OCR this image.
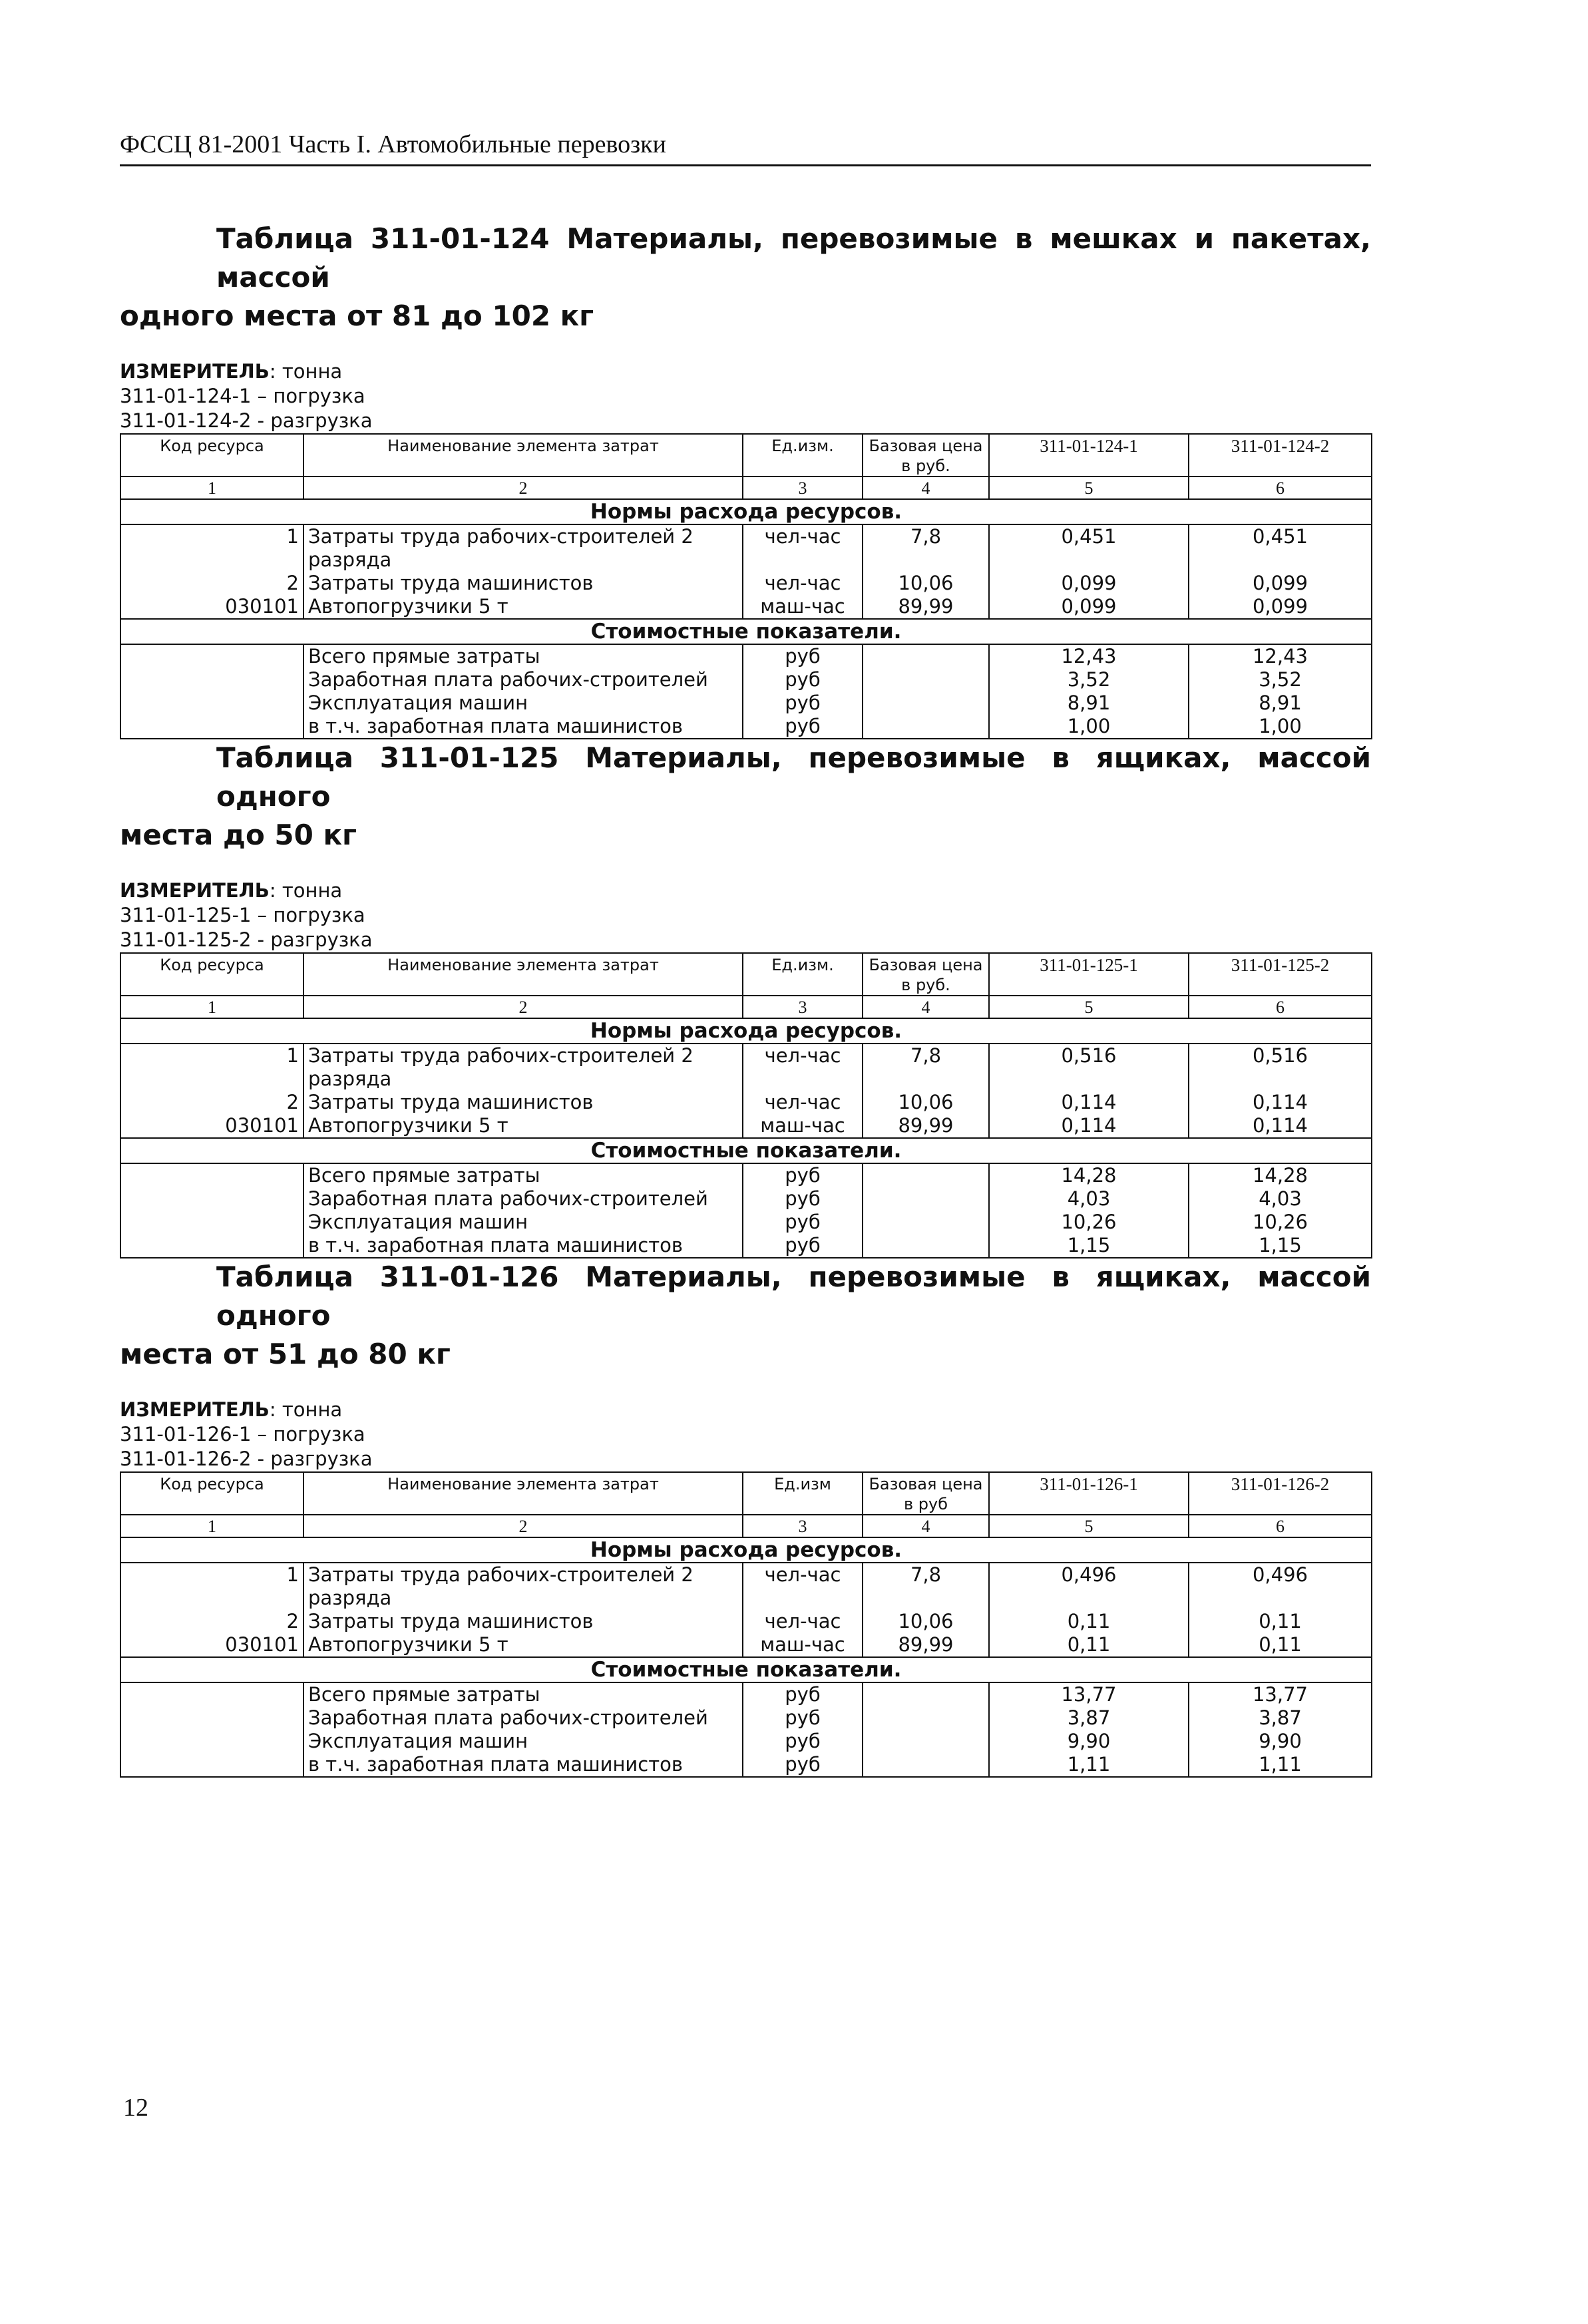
ФССЦ 81-2001 Часть I. Автомобильные перевозки
Таблица 311-01-124 Материалы, перевозимые в мешках и пакетах, массой
одного места от 81 до 102 кг
ИЗМЕРИТЕЛЬ: тонна
311-01-124-1 – погрузка
311-01-124-2 - разгрузка
Код ресурса	Наименование элемента затрат	Ед.изм.	Базовая цена в руб.	311-01-124-1	311-01-124-2
1	2	3	4	5	6
Нормы расхода ресурсов.					
1	Затраты труда рабочих-строителей 2 разряда	чел-час	7,8	0,451	0,451
2	Затраты труда машинистов	чел-час	10,06	0,099	0,099
030101	Автопогрузчики 5 т	маш-час	89,99	0,099	0,099
Стоимостные показатели.					
	Всего прямые затраты	руб		12,43	12,43
	Заработная плата рабочих-строителей	руб		3,52	3,52
	Эксплуатация машин	руб		8,91	8,91
	в т.ч. заработная плата машинистов	руб		1,00	1,00
Таблица 311-01-125 Материалы, перевозимые в ящиках, массой одного
места до 50 кг
ИЗМЕРИТЕЛЬ: тонна
311-01-125-1 – погрузка
311-01-125-2 - разгрузка
Код ресурса	Наименование элемента затрат	Ед.изм.	Базовая цена в руб.	311-01-125-1	311-01-125-2
1	2	3	4	5	6
Нормы расхода ресурсов.					
1	Затраты труда рабочих-строителей 2 разряда	чел-час	7,8	0,516	0,516
2	Затраты труда машинистов	чел-час	10,06	0,114	0,114
030101	Автопогрузчики 5 т	маш-час	89,99	0,114	0,114
Стоимостные показатели.					
	Всего прямые затраты	руб		14,28	14,28
	Заработная плата рабочих-строителей	руб		4,03	4,03
	Эксплуатация машин	руб		10,26	10,26
	в т.ч. заработная плата машинистов	руб		1,15	1,15
Таблица 311-01-126 Материалы, перевозимые в ящиках, массой одного
места от 51 до 80 кг
ИЗМЕРИТЕЛЬ: тонна
311-01-126-1 – погрузка
311-01-126-2 - разгрузка
Код ресурса	Наименование элемента затрат	Ед.изм	Базовая цена в руб	311-01-126-1	311-01-126-2
1	2	3	4	5	6
Нормы расхода ресурсов.					
1	Затраты труда рабочих-строителей 2 разряда	чел-час	7,8	0,496	0,496
2	Затраты труда машинистов	чел-час	10,06	0,11	0,11
030101	Автопогрузчики 5 т	маш-час	89,99	0,11	0,11
Стоимостные показатели.					
	Всего прямые затраты	руб		13,77	13,77
	Заработная плата рабочих-строителей	руб		3,87	3,87
	Эксплуатация машин	руб		9,90	9,90
	в т.ч. заработная плата машинистов	руб		1,11	1,11
12
